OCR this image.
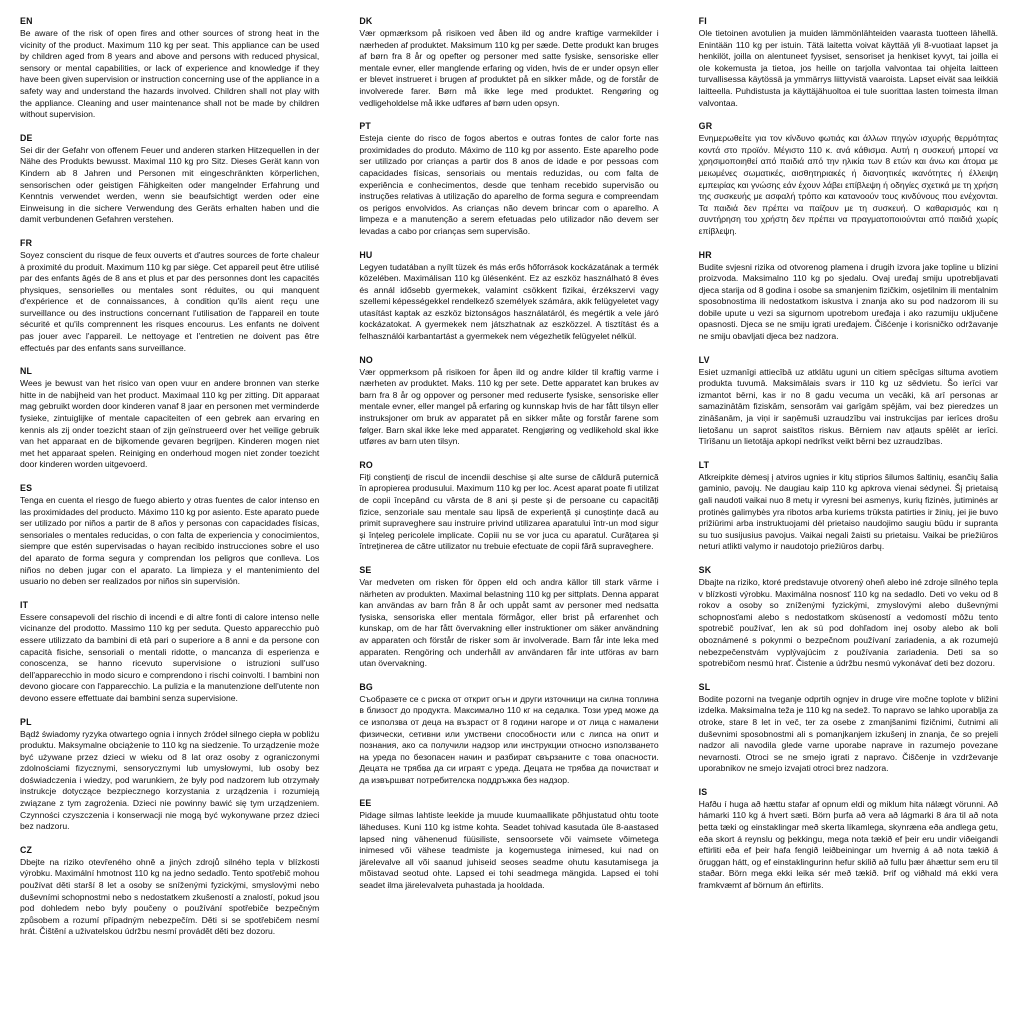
EN

Be aware of the risk of open fires and other sources of strong heat in the vicinity of the product. Maximum 110 kg per seat. This appliance can be used by children aged from 8 years and above and persons with reduced physical, sensory or mental capabilities, or lack of experience and knowledge if they have been given supervision or instruction concerning use of the appliance in a safety way and understand the hazards involved. Children shall not play with the appliance. Cleaning and user maintenance shall not be made by children without supervision.

DE

Sei dir der Gefahr von offenem Feuer und anderen starken Hitzequellen in der Nähe des Produkts bewusst. Maximal 110 kg pro Sitz. Dieses Gerät kann von Kindern ab 8 Jahren und Personen mit eingeschränkten körperlichen, sensorischen oder geistigen Fähigkeiten oder mangelnder Erfahrung und Kenntnis verwendet werden, wenn sie beaufsichtigt werden oder eine Einweisung in die sichere Verwendung des Geräts erhalten haben und die damit verbundenen Gefahren verstehen.

FR

Soyez conscient du risque de feux ouverts et d'autres sources de forte chaleur à proximité du produit. Maximum 110 kg par siège. Cet appareil peut être utilisé par des enfants âgés de 8 ans et plus et par des personnes dont les capacités physiques, sensorielles ou mentales sont réduites, ou qui manquent d'expérience et de connaissances, à condition qu'ils aient reçu une surveillance ou des instructions concernant l'utilisation de l'appareil en toute sécurité et qu'ils comprennent les risques encourus. Les enfants ne doivent pas jouer avec l'appareil. Le nettoyage et l'entretien ne doivent pas être effectués par des enfants sans surveillance.

NL

Wees je bewust van het risico van open vuur en andere bronnen van sterke hitte in de nabijheid van het product. Maximaal 110 kg per zitting. Dit apparaat mag gebruikt worden door kinderen vanaf 8 jaar en personen met verminderde fysieke, zintuiglijke of mentale capaciteiten of een gebrek aan ervaring en kennis als zij onder toezicht staan of zijn geïnstrueerd over het veilige gebruik van het apparaat en de bijkomende gevaren begrijpen. Kinderen mogen niet met het apparaat spelen. Reiniging en onderhoud mogen niet zonder toezicht door kinderen worden uitgevoerd.

ES

Tenga en cuenta el riesgo de fuego abierto y otras fuentes de calor intenso en las proximidades del producto. Máximo 110 kg por asiento. Este aparato puede ser utilizado por niños a partir de 8 años y personas con capacidades físicas, sensoriales o mentales reducidas, o con falta de experiencia y conocimientos, siempre que estén supervisadas o hayan recibido instrucciones sobre el uso del aparato de forma segura y comprendan los peligros que conlleva. Los niños no deben jugar con el aparato. La limpieza y el mantenimiento del usuario no deben ser realizados por niños sin supervisión.

IT

Essere consapevoli del rischio di incendi e di altre fonti di calore intenso nelle vicinanze del prodotto. Massimo 110 kg per seduta. Questo apparecchio può essere utilizzato da bambini di età pari o superiore a 8 anni e da persone con capacità fisiche, sensoriali o mentali ridotte, o mancanza di esperienza e conoscenza, se hanno ricevuto supervisione o istruzioni sull'uso dell'apparecchio in modo sicuro e comprendono i rischi coinvolti. I bambini non devono giocare con l'apparecchio. La pulizia e la manutenzione dell'utente non devono essere effettuate dai bambini senza supervisione.

PL

Bądź świadomy ryzyka otwartego ognia i innych źródeł silnego ciepła w pobliżu produktu. Maksymalne obciążenie to 110 kg na siedzenie. To urządzenie może być używane przez dzieci w wieku od 8 lat oraz osoby z ograniczonymi zdolnościami fizycznymi, sensorycznymi lub umysłowymi, lub osoby bez doświadczenia i wiedzy, pod warunkiem, że były pod nadzorem lub otrzymały instrukcje dotyczące bezpiecznego korzystania z urządzenia i rozumieją związane z tym zagrożenia. Dzieci nie powinny bawić się tym urządzeniem. Czynności czyszczenia i konserwacji nie mogą być wykonywane przez dzieci bez nadzoru.

CZ

Dbejte na riziko otevřeného ohně a jiných zdrojů silného tepla v blízkosti výrobku. Maximální hmotnost 110 kg na jedno sedadlo. Tento spotřebič mohou používat děti starší 8 let a osoby se sníženými fyzickými, smyslovými nebo duševními schopnostmi nebo s nedostatkem zkušeností a znalostí, pokud jsou pod dohledem nebo byly poučeny o používání spotřebiče bezpečným způsobem a rozumí případným nebezpečím. Děti si se spotřebičem nesmí hrát. Čištění a uživatelskou údržbu nesmí provádět děti bez dozoru.

DK

Vær opmærksom på risikoen ved åben ild og andre kraftige varmekilder i nærheden af produktet. Maksimum 110 kg per sæde. Dette produkt kan bruges af børn fra 8 år og opefter og personer med satte fysiske, sensoriske eller mentale evner, eller manglende erfaring og viden, hvis de er under opsyn eller er blevet instrueret i brugen af produktet på en sikker måde, og de forstår de involverede farer. Børn må ikke lege med produktet. Rengøring og vedligeholdelse må ikke udføres af børn uden opsyn.

PT

Esteja ciente do risco de fogos abertos e outras fontes de calor forte nas proximidades do produto. Máximo de 110 kg por assento. Este aparelho pode ser utilizado por crianças a partir dos 8 anos de idade e por pessoas com capacidades físicas, sensoriais ou mentais reduzidas, ou com falta de experiência e conhecimentos, desde que tenham recebido supervisão ou instruções relativas à utilização do aparelho de forma segura e compreendam os perigos envolvidos. As crianças não devem brincar com o aparelho. A limpeza e a manutenção a serem efetuadas pelo utilizador não devem ser levadas a cabo por crianças sem supervisão.

HU

Legyen tudatában a nyílt tüzek és más erős hőforrások kockázatának a termék közelében. Maximálisan 110 kg ülésenként. Ez az eszköz használható 8 éves és annál idősebb gyermekek, valamint csökkent fizikai, érzékszervi vagy szellemi képességekkel rendelkező személyek számára, akik felügyeletet vagy utasítást kaptak az eszköz biztonságos használatáról, és megértik a vele járó kockázatokat. A gyermekek nem játszhatnak az eszközzel. A tisztítást és a felhasználói karbantartást a gyermekek nem végezhetik felügyelet nélkül.

NO

Vær oppmerksom på risikoen for åpen ild og andre kilder til kraftig varme i nærheten av produktet. Maks. 110 kg per sete. Dette apparatet kan brukes av barn fra 8 år og oppover og personer med reduserte fysiske, sensoriske eller mentale evner, eller mangel på erfaring og kunnskap hvis de har fått tilsyn eller instruksjoner om bruk av apparatet på en sikker måte og forstår farene som følger. Barn skal ikke leke med apparatet. Rengjøring og vedlikehold skal ikke utføres av barn uten tilsyn.

RO

Fiți conștienți de riscul de incendii deschise și alte surse de căldură puternică în apropierea produsului. Maximum 110 kg per loc. Acest aparat poate fi utilizat de copii începând cu vârsta de 8 ani și peste și de persoane cu capacități fizice, senzoriale sau mentale sau lipsă de experiență și cunoștințe dacă au primit supraveghere sau instruire privind utilizarea aparatului într-un mod sigur și înțeleg pericolele implicate. Copiii nu se vor juca cu aparatul. Curățarea și întreținerea de către utilizator nu trebuie efectuate de copii fără supraveghere.

SE

Var medveten om risken för öppen eld och andra källor till stark värme i närheten av produkten. Maximal belastning 110 kg per sittplats. Denna apparat kan användas av barn från 8 år och uppåt samt av personer med nedsatta fysiska, sensoriska eller mentala förmågor, eller brist på erfarenhet och kunskap, om de har fått övervakning eller instruktioner om säker användning av apparaten och förstår de risker som är involverade. Barn får inte leka med apparaten. Rengöring och underhåll av användaren får inte utföras av barn utan övervakning.

BG

Съобразете се с риска от открит огън и други източници на силна топлина в близост до продукта. Максимално 110 кг на седалка. Този уред може да се използва от деца на възраст от 8 години нагоре и от лица с намалени физически, сетивни или умствени способности или с липса на опит и познания, ако са получили надзор или инструкции относно използването на уреда по безопасен начин и разбират свързаните с това опасности. Децата не трябва да си играят с уреда. Децата не трябва да почистват и да извършват потребителска поддръжка без надзор.

EE

Pidage silmas lahtiste leekide ja muude kuumaallikate põhjustatud ohtu toote läheduses. Kuni 110 kg istme kohta. Seadet tohivad kasutada üle 8-aastased lapsed ning vähenenud füüsiliste, sensoorsete või vaimsete võimetega inimesed või vähese teadmiste ja kogemustega inimesed, kui nad on järelevalve all või saanud juhiseid seoses seadme ohutu kasutamisega ja mõistavad seotud ohte. Lapsed ei tohi seadmega mängida. Lapsed ei tohi seadet ilma järelevalveta puhastada ja hooldada.

FI

Ole tietoinen avotulien ja muiden lämmönlähteiden vaarasta tuotteen lähellä. Enintään 110 kg per istuin. Tätä laitetta voivat käyttää yli 8-vuotiaat lapset ja henkilöt, joilla on alentuneet fyysiset, sensoriset ja henkiset kyvyt, tai joilla ei ole kokemusta ja tietoa, jos heille on tarjolla valvontaa tai ohjeita laitteen turvallisessa käytössä ja ymmärrys liittyvistä vaaroista. Lapset eivät saa leikkiä laitteella. Puhdistusta ja käyttäjähuoltoa ei tule suorittaa lasten toimesta ilman valvontaa.

GR

Ενημερωθείτε για τον κίνδυνο φωτιάς και άλλων πηγών ισχυρής θερμότητας κοντά στο προϊόν. Μέγιστο 110 κ. ανά κάθισμα. Αυτή η συσκευή μπορεί να χρησιμοποιηθεί από παιδιά από την ηλικία των 8 ετών και άνω και άτομα με μειωμένες σωματικές, αισθητηριακές ή διανοητικές ικανότητες ή έλλειψη εμπειρίας και γνώσης εάν έχουν λάβει επίβλεψη ή οδηγίες σχετικά με τη χρήση της συσκευής με ασφαλή τρόπο και κατανοούν τους κινδύνους που ενέχονται. Τα παιδιά δεν πρέπει να παίζουν με τη συσκευή. Ο καθαρισμός και η συντήρηση του χρήστη δεν πρέπει να πραγματοποιούνται από παιδιά χωρίς επίβλεψη.

HR

Budite svjesni rizika od otvorenog plamena i drugih izvora jake topline u blizini proizvoda. Maksimalno 110 kg po sjedalu. Ovaj uređaj smiju upotrebljavati djeca starija od 8 godina i osobe sa smanjenim fizičkim, osjetilnim ili mentalnim sposobnostima ili nedostatkom iskustva i znanja ako su pod nadzorom ili su dobile upute u vezi sa sigurnom upotrebom uređaja i ako razumiju uključene opasnosti. Djeca se ne smiju igrati uređajem. Čišćenje i korisničko održavanje ne smiju obavljati djeca bez nadzora.

LV

Esiet uzmanīgi attiecībā uz atklātu uguni un citiem spēcīgas siltuma avotiem produkta tuvumā. Maksimālais svars ir 110 kg uz sēdvietu. Šo ierīci var izmantot bērni, kas ir no 8 gadu vecuma un vecāki, kā arī personas ar samazinātām fiziskām, sensorām vai garīgām spējām, vai bez pieredzes un zināšanām, ja viņi ir saņēmuši uzraudzību vai instrukcijas par ierīces drošu lietošanu un saprot saistītos riskus. Bērniem nav atļauts spēlēt ar ierīci. Tīrīšanu un lietotāja apkopi nedrīkst veikt bērni bez uzraudzības.

LT

Atkreipkite dėmesį į atviros ugnies ir kitų stiprios šilumos šaltinių, esančių šalia gaminio, pavojų. Ne daugiau kaip 110 kg apkrova vienai sėdynei. Šį prietaisą gali naudoti vaikai nuo 8 metų ir vyresni bei asmenys, kurių fizinės, jutiminės ar protinės galimybės yra ribotos arba kuriems trūksta patirties ir žinių, jei jie buvo prižiūrimi arba instruktuojami dėl prietaiso naudojimo saugiu būdu ir supranta su tuo susijusius pavojus. Vaikai negali žaisti su prietaisu. Vaikai be priežiūros neturi atlikti valymo ir naudotojo priežiūros darbų.

SK

Dbajte na riziko, ktoré predstavuje otvorený oheň alebo iné zdroje silného tepla v blízkosti výrobku. Maximálna nosnosť 110 kg na sedadlo. Deti vo veku od 8 rokov a osoby so zníženými fyzickými, zmyslovými alebo duševnými schopnosťami alebo s nedostatkom skúseností a vedomostí môžu tento spotrebič používať, len ak sú pod dohľadom inej osoby alebo ak boli oboznámené s pokynmi o bezpečnom používaní zariadenia, a ak rozumejú nebezpečenstvám vyplývajúcim z používania zariadenia. Deti sa so spotrebičom nesmú hrať. Čistenie a údržbu nesmú vykonávať deti bez dozoru.

SL

Bodite pozorni na tveganje odprtih ognjev in druge vire močne toplote v bližini izdelka. Maksimalna teža je 110 kg na sedež. To napravo se lahko uporablja za otroke, stare 8 let in več, ter za osebe z zmanjšanimi fizičnimi, čutnimi ali duševnimi sposobnostmi ali s pomanjkanjem izkušenj in znanja, če so prejeli nadzor ali navodila glede varne uporabe naprave in razumejo povezane nevarnosti. Otroci se ne smejo igrati z napravo. Čiščenje in vzdrževanje uporabnikov ne smejo izvajati otroci brez nadzora.

IS

Hafðu í huga að hættu stafar af opnum eldi og miklum hita nálægt vörunni. Að hámarki 110 kg á hvert sæti. Börn þurfa að vera að lágmarki 8 ára til að nota þetta tæki og einstaklingar með skerta líkamlega, skynræna eða andlega getu, eða skort á reynslu og þekkingu, mega nota tækið ef þeir eru undir viðeigandi eftirliti eða ef þeir hafa fengið leiðbeiningar um hvernig á að nota tækið á öruggan hátt, og ef einstaklingurinn hefur skilið að fullu þær áhættur sem eru til staðar. Börn mega ekki leika sér með tækið. Þrif og viðhald má ekki vera framkvæmt af börnum án eftirlits.
